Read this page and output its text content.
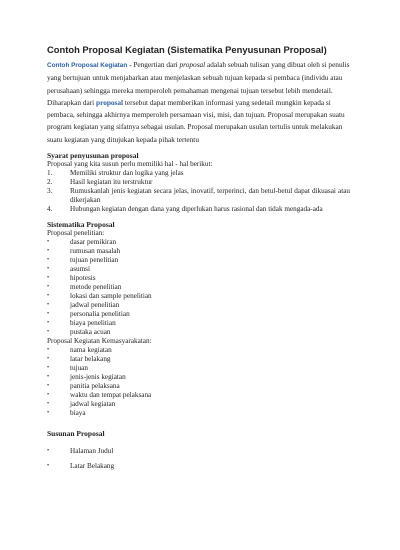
Contoh Proposal Kegiatan (Sistematika Penyusunan Proposal)

Contoh Proposal Kegiatan - Pengertian dari proposal adalah sebuah tulisan yang dibuat oleh si penulis yang bertujuan untuk menjabarkan atau menjelaskan sebuah tujuan kepada si pembaca (individu atau perusahaan) sehingga mereka memperoleh pemahaman mengenai tujuan tersebut lebih mendetail. Diharapkan dari proposal tersebut dapat memberikan informasi yang sedetail mungkin kepada si pembaca, sehingga akhirnya memperoleh persamaan visi, misi, dan tujuan. Proposal merupakan suatu program kegiatan yang sifatnya sebagai usulan. Proposal merupakan usulan tertulis untuk melakukan suatu kegiatan yang ditujukan kepada pihak tertentu

Syarat penyusunan proposal
Proposal yang kita susun perlu memiliki hal - hal berikut:
1. Memiliki struktur dan logika yang jelas
2. Hasil kegiatan itu terstruktur
3. Rumuskanlah jenis kegiatan secara jelas, inovatif, terperinci, dan betul-betul dapat dikuasai atau dikerjakan
4. Hubungan kegiatan dengan dana yang diperlukan harus rasional dan tidak mengada-ada
Sistematika Proposal
Proposal penelitian:
•	dasar pemikiran
•	rumusan masalah
•	tujuan penelitian
•	asumsi
•	hipotesis
•	metode penelitian
•	lokasi dan sample penelitian
•	jadwal penelitian
•	personalia penelitian
•	biaya penelitian
•	pustaka acuan
Proposal Kegiatan Kemasyarakatan:
•	nama kegiatan
•	latar belakang
•	tujuan
•	jenis-jenis kegiatan
•	panitia pelaksana
•	waktu dan tempat pelaksana
•	jadwal kegiatan
•	biaya
Susunan Proposal
•	Halaman Judul
•	Latar Belakang
